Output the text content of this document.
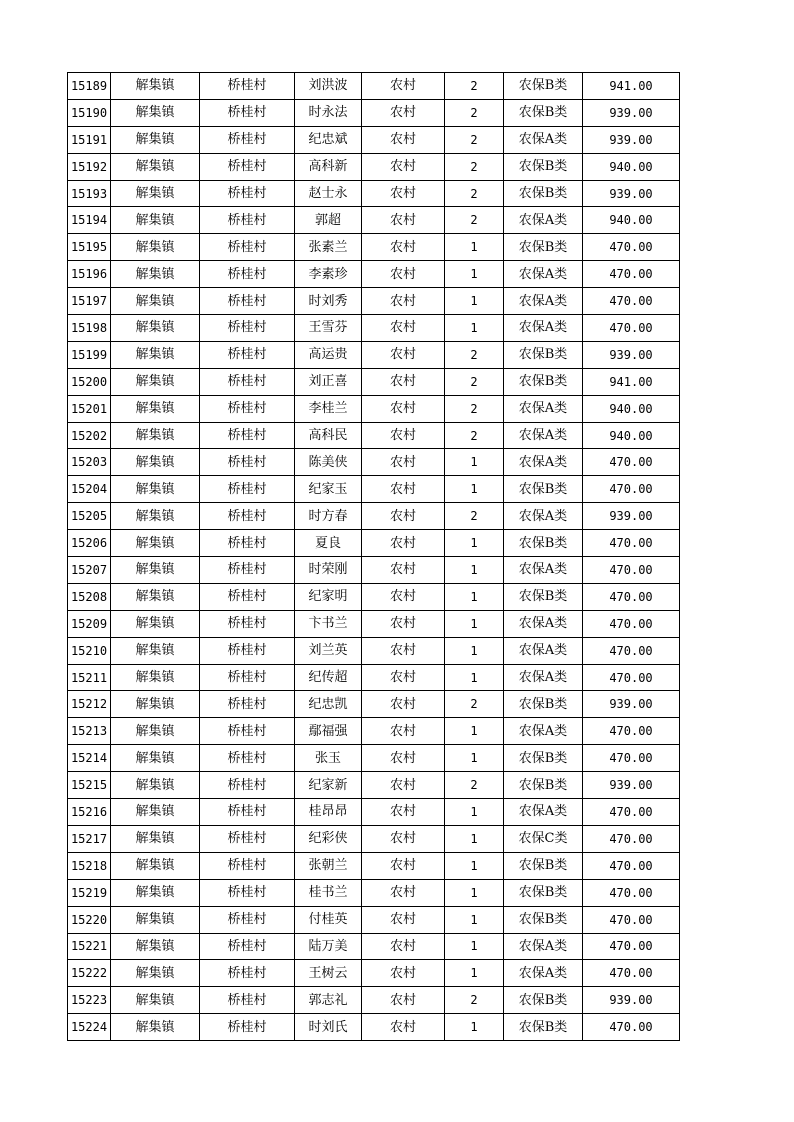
15189	解集镇	桥桂村	刘洪波	农村	2	农保B类	941.00
15190	解集镇	桥桂村	时永法	农村	2	农保B类	939.00
15191	解集镇	桥桂村	纪忠斌	农村	2	农保A类	939.00
15192	解集镇	桥桂村	高科新	农村	2	农保B类	940.00
15193	解集镇	桥桂村	赵士永	农村	2	农保B类	939.00
15194	解集镇	桥桂村	郭超	农村	2	农保A类	940.00
15195	解集镇	桥桂村	张素兰	农村	1	农保B类	470.00
15196	解集镇	桥桂村	李素珍	农村	1	农保A类	470.00
15197	解集镇	桥桂村	时刘秀	农村	1	农保A类	470.00
15198	解集镇	桥桂村	王雪芬	农村	1	农保A类	470.00
15199	解集镇	桥桂村	高运贵	农村	2	农保B类	939.00
15200	解集镇	桥桂村	刘正喜	农村	2	农保B类	941.00
15201	解集镇	桥桂村	李桂兰	农村	2	农保A类	940.00
15202	解集镇	桥桂村	高科民	农村	2	农保A类	940.00
15203	解集镇	桥桂村	陈美侠	农村	1	农保A类	470.00
15204	解集镇	桥桂村	纪家玉	农村	1	农保B类	470.00
15205	解集镇	桥桂村	时方春	农村	2	农保A类	939.00
15206	解集镇	桥桂村	夏良	农村	1	农保B类	470.00
15207	解集镇	桥桂村	时荣刚	农村	1	农保A类	470.00
15208	解集镇	桥桂村	纪家明	农村	1	农保B类	470.00
15209	解集镇	桥桂村	卞书兰	农村	1	农保A类	470.00
15210	解集镇	桥桂村	刘兰英	农村	1	农保A类	470.00
15211	解集镇	桥桂村	纪传超	农村	1	农保A类	470.00
15212	解集镇	桥桂村	纪忠凯	农村	2	农保B类	939.00
15213	解集镇	桥桂村	鄢福强	农村	1	农保A类	470.00
15214	解集镇	桥桂村	张玉	农村	1	农保B类	470.00
15215	解集镇	桥桂村	纪家新	农村	2	农保B类	939.00
15216	解集镇	桥桂村	桂昂昂	农村	1	农保A类	470.00
15217	解集镇	桥桂村	纪彩侠	农村	1	农保C类	470.00
15218	解集镇	桥桂村	张朝兰	农村	1	农保B类	470.00
15219	解集镇	桥桂村	桂书兰	农村	1	农保B类	470.00
15220	解集镇	桥桂村	付桂英	农村	1	农保B类	470.00
15221	解集镇	桥桂村	陆万美	农村	1	农保A类	470.00
15222	解集镇	桥桂村	王树云	农村	1	农保A类	470.00
15223	解集镇	桥桂村	郭志礼	农村	2	农保B类	939.00
15224	解集镇	桥桂村	时刘氏	农村	1	农保B类	470.00
